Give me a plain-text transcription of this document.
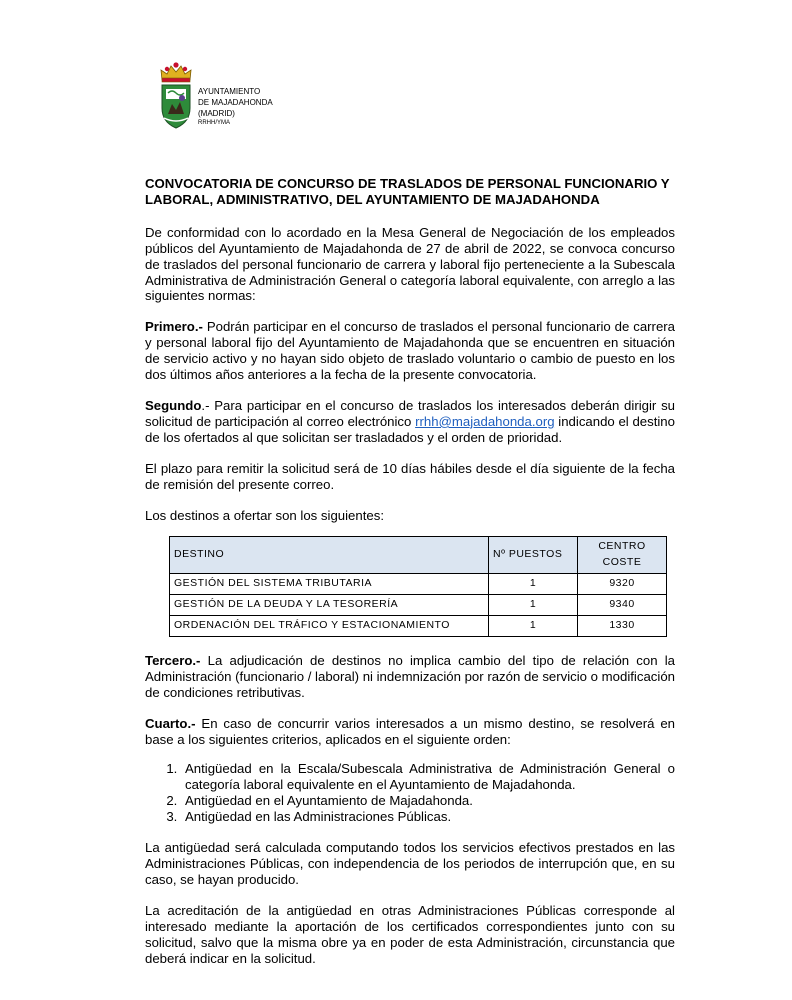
AYUNTAMIENTO
DE MAJADAHONDA
(MADRID)
RRHH/YMA
CONVOCATORIA DE CONCURSO DE TRASLADOS DE PERSONAL FUNCIONARIO Y LABORAL, ADMINISTRATIVO, DEL AYUNTAMIENTO DE MAJADAHONDA

De conformidad con lo acordado en la Mesa General de Negociación de los empleados públicos del Ayuntamiento de Majadahonda de 27 de abril de 2022, se convoca concurso de traslados del personal funcionario de carrera y laboral fijo perteneciente a la Subescala Administrativa de Administración General o categoría laboral equivalente, con arreglo a las siguientes normas:

Primero.- Podrán participar en el concurso de traslados el personal funcionario de carrera y personal laboral fijo del Ayuntamiento de Majadahonda que se encuentren en situación de servicio activo y no hayan sido objeto de traslado voluntario o cambio de puesto en los dos últimos años anteriores a la fecha de la presente convocatoria.

Segundo.- Para participar en el concurso de traslados los interesados deberán dirigir su solicitud de participación al correo electrónico rrhh@majadahonda.org indicando el destino de los ofertados al que solicitan ser trasladados y el orden de prioridad.

El plazo para remitir la solicitud será de 10 días hábiles desde el día siguiente de la fecha de remisión del presente correo.

Los destinos a ofertar son los siguientes:

DESTINO	Nº PUESTOS	CENTRO COSTE
GESTIÓN DEL SISTEMA TRIBUTARIA	1	9320
GESTIÓN DE LA DEUDA Y LA TESORERÍA	1	9340
ORDENACIÓN DEL TRÁFICO Y ESTACIONAMIENTO	1	1330

Tercero.- La adjudicación de destinos no implica cambio del tipo de relación con la Administración (funcionario / laboral) ni indemnización por razón de servicio o modificación de condiciones retributivas.

Cuarto.- En caso de concurrir varios interesados a un mismo destino, se resolverá en base a los siguientes criterios, aplicados en el siguiente orden:

1. Antigüedad en la Escala/Subescala Administrativa de Administración General o categoría laboral equivalente en el Ayuntamiento de Majadahonda.
2. Antigüedad en el Ayuntamiento de Majadahonda.
3. Antigüedad en las Administraciones Públicas.

La antigüedad será calculada computando todos los servicios efectivos prestados en las Administraciones Públicas, con independencia de los periodos de interrupción que, en su caso, se hayan producido.

La acreditación de la antigüedad en otras Administraciones Públicas corresponde al interesado mediante la aportación de los certificados correspondientes junto con su solicitud, salvo que la misma obre ya en poder de esta Administración, circunstancia que deberá indicar en la solicitud.
